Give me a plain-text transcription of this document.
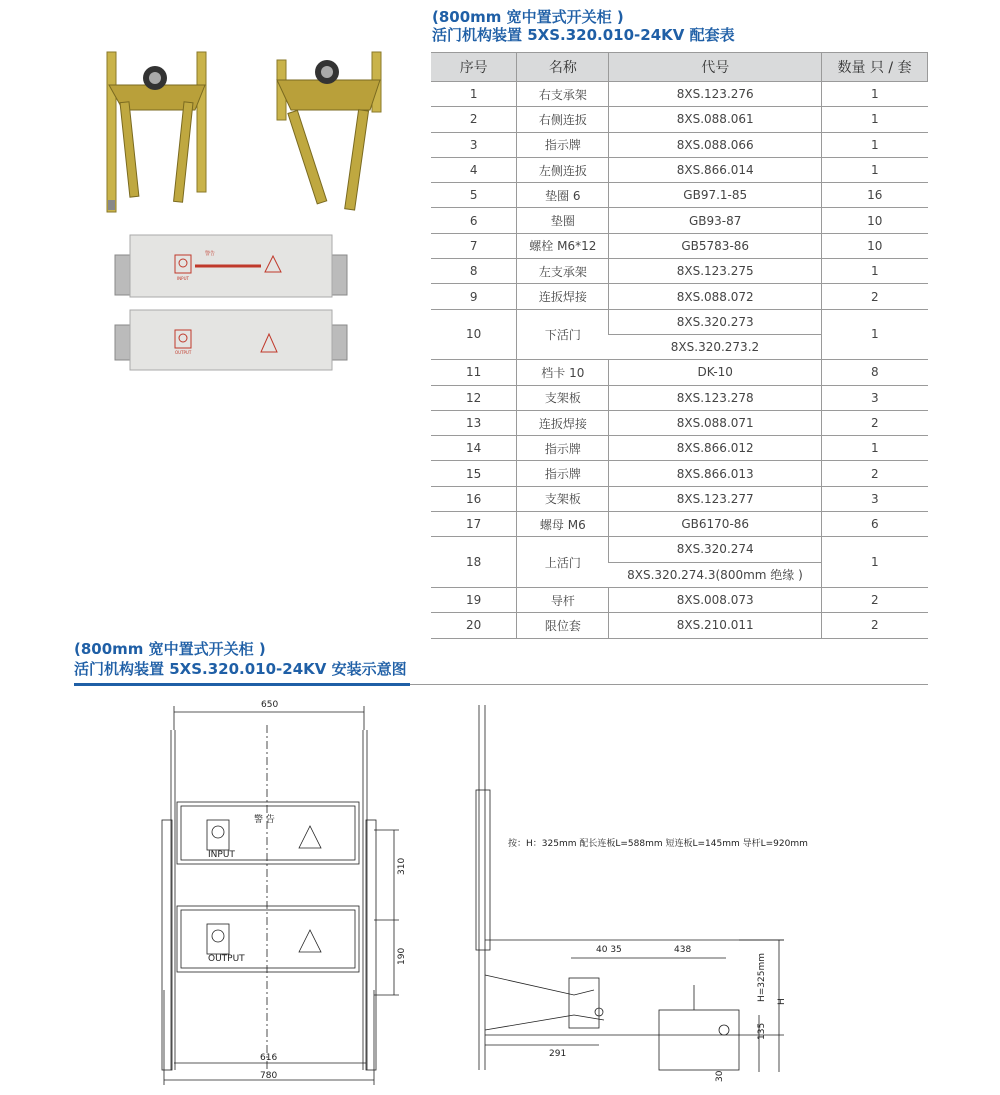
(800mm 宽中置式开关柜 )
活门机构装置 5XS.320.010-24KV 配套表
INPUT
警告
OUTPUT
序号	名称	代号	数量 只 / 套
1	右支承架	8XS.123.276	1
2	右侧连扳	8XS.088.061	1
3	指示牌	8XS.088.066	1
4	左侧连扳	8XS.866.014	1
5	垫圈 6	GB97.1-85	16
6	垫圈	GB93-87	10
7	螺栓 M6*12	GB5783-86	10
8	左支承架	8XS.123.275	1
9	连扳焊接	8XS.088.072	2
10	下活门	8XS.320.273	1
		8XS.320.273.2	
11	档卡 10	DK-10	8
12	支架板	8XS.123.278	3
13	连扳焊接	8XS.088.071	2
14	指示牌	8XS.866.012	1
15	指示牌	8XS.866.013	2
16	支架板	8XS.123.277	3
17	螺母 M6	GB6170-86	6
18	上活门	8XS.320.274	1
		8XS.320.274.3(800mm 绝缘 )	
19	导杆	8XS.008.073	2
20	限位套	8XS.210.011	2
(800mm 宽中置式开关柜 )
活门机构装置 5XS.320.010-24KV 安装示意图
650
616
780
310
190
警 告
INPUT
OUTPUT
40 35	438
291
135
30
H=325mm H
按：H：325mm 配长连板L=588mm 短连板L=145mm 导杆L=920mm
